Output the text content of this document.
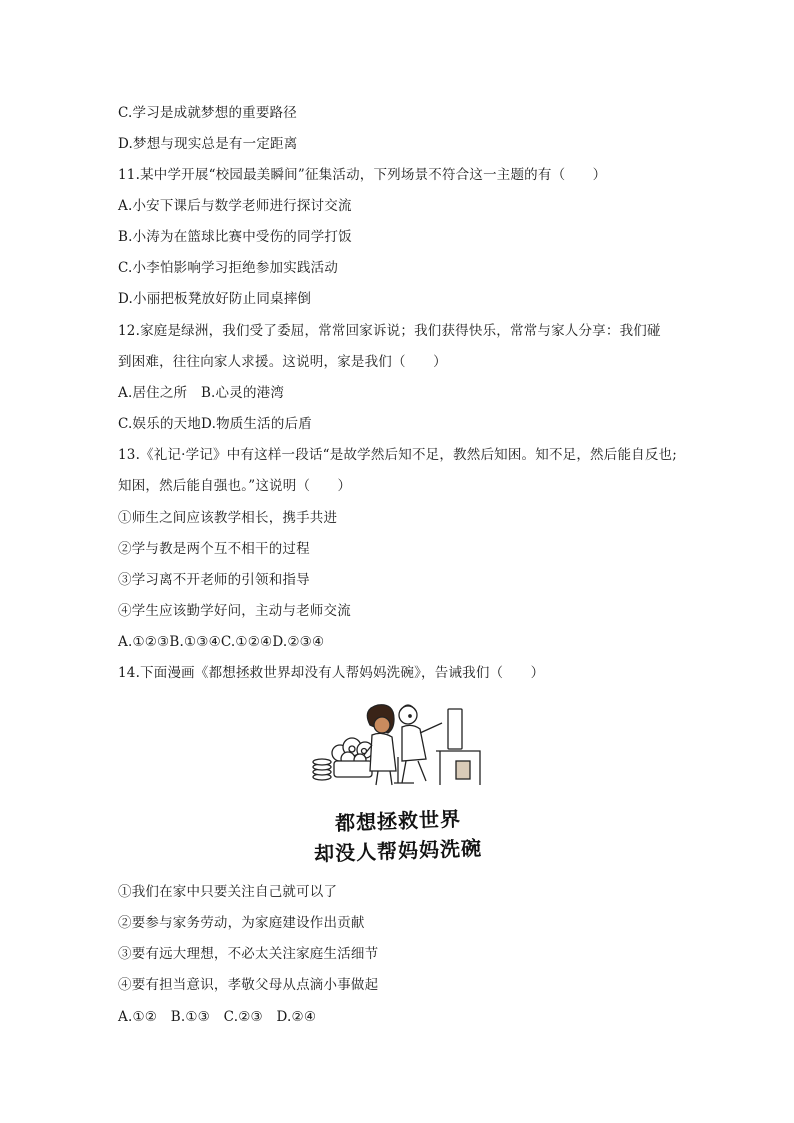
C.学习是成就梦想的重要路径
D.梦想与现实总是有一定距离
11.某中学开展“校园最美瞬间”征集活动，下列场景不符合这一主题的有（　　）
A.小安下课后与数学老师进行探讨交流
B.小涛为在篮球比赛中受伤的同学打饭
C.小李怕影响学习拒绝参加实践活动
D.小丽把板凳放好防止同桌摔倒
12.家庭是绿洲，我们受了委屈，常常回家诉说；我们获得快乐，常常与家人分享：我们碰
到困难，往往向家人求援。这说明，家是我们（　　）
A.居住之所　B.心灵的港湾
C.娱乐的天地D.物质生活的后盾
13.《礼记·学记》中有这样一段话“是故学然后知不足，教然后知困。知不足，然后能自反也;
知困，然后能自强也。”这说明（　　）
①师生之间应该教学相长，携手共进
②学与教是两个互不相干的过程
③学习离不开老师的引领和指导
④学生应该勤学好问，主动与老师交流
A.①②③B.①③④C.①②④D.②③④
14.下面漫画《都想拯救世界却没有人帮妈妈洗碗》，告诫我们（　　）
都想拯救世界
却没人帮妈妈洗碗
①我们在家中只要关注自己就可以了
②要参与家务劳动，为家庭建设作出贡献
③要有远大理想，不必太关注家庭生活细节
④要有担当意识，孝敬父母从点滴小事做起
A.①②　B.①③　C.②③　D.②④
